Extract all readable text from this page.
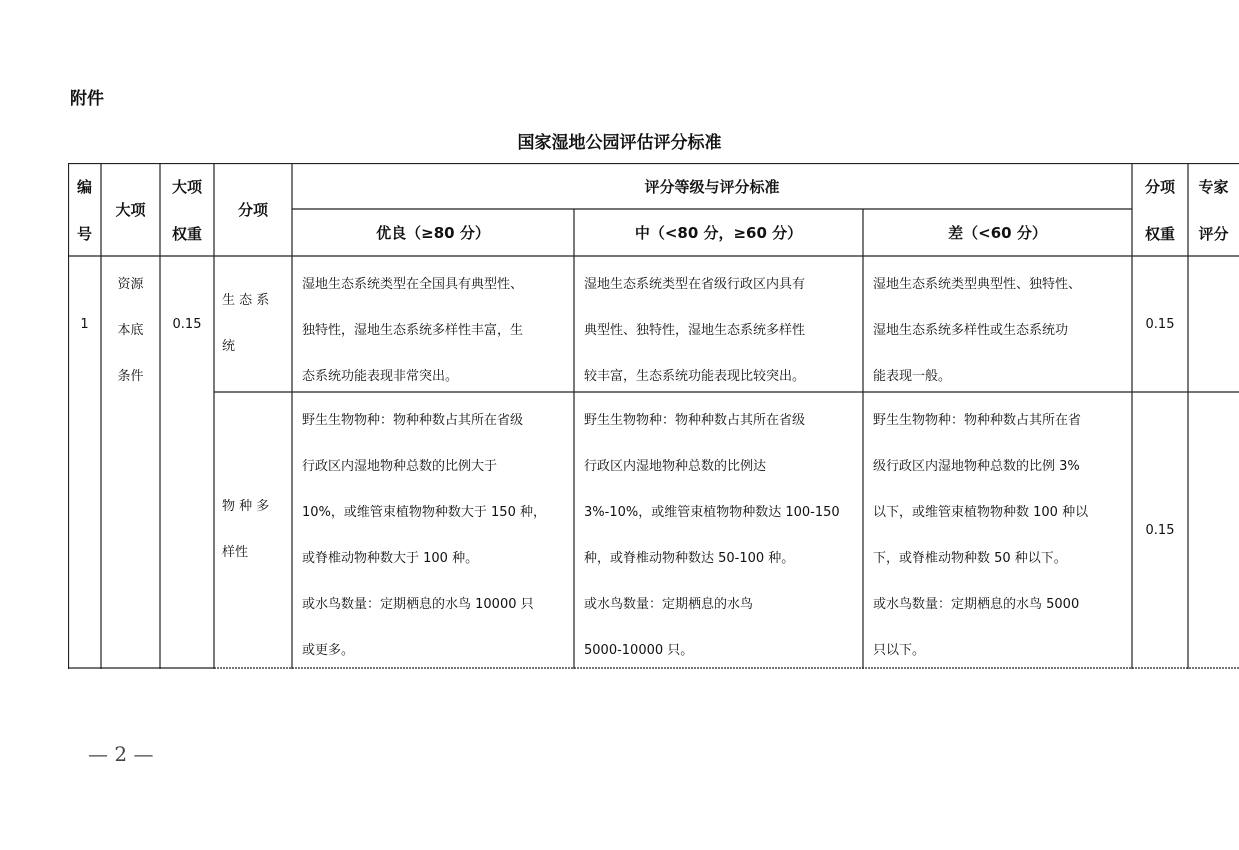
附件
国家湿地公园评估评分标准
编
号
大项
大项
权重
分项
评分等级与评分标准
优良（≥80 分）	中（<80 分，≥60 分）	差（<60 分）
分项
权重
专家
评分
1
资源
本底
条件
0.15
生 态 系
统
湿地生态系统类型在全国具有典型性、
独特性，湿地生态系统多样性丰富，生
态系统功能表现非常突出。
湿地生态系统类型在省级行政区内具有
典型性、独特性，湿地生态系统多样性
较丰富，生态系统功能表现比较突出。
湿地生态系统类型典型性、独特性、
湿地生态系统多样性或生态系统功
能表现一般。
0.15
物 种 多
样性
野生生物物种：物种种数占其所在省级
行政区内湿地物种总数的比例大于
10%，或维管束植物物种数大于 150 种，
或脊椎动物种数大于 100 种。
或水鸟数量：定期栖息的水鸟 10000 只
或更多。
野生生物物种：物种种数占其所在省级
行政区内湿地物种总数的比例达
3%-10%，或维管束植物物种数达 100-150
种，或脊椎动物种数达 50-100 种。
或水鸟数量：定期栖息的水鸟
5000-10000 只。
野生生物物种：物种种数占其所在省
级行政区内湿地物种总数的比例 3%
以下，或维管束植物物种数 100 种以
下，或脊椎动物种数 50 种以下。
或水鸟数量：定期栖息的水鸟 5000
只以下。
0.15
— 2 —
